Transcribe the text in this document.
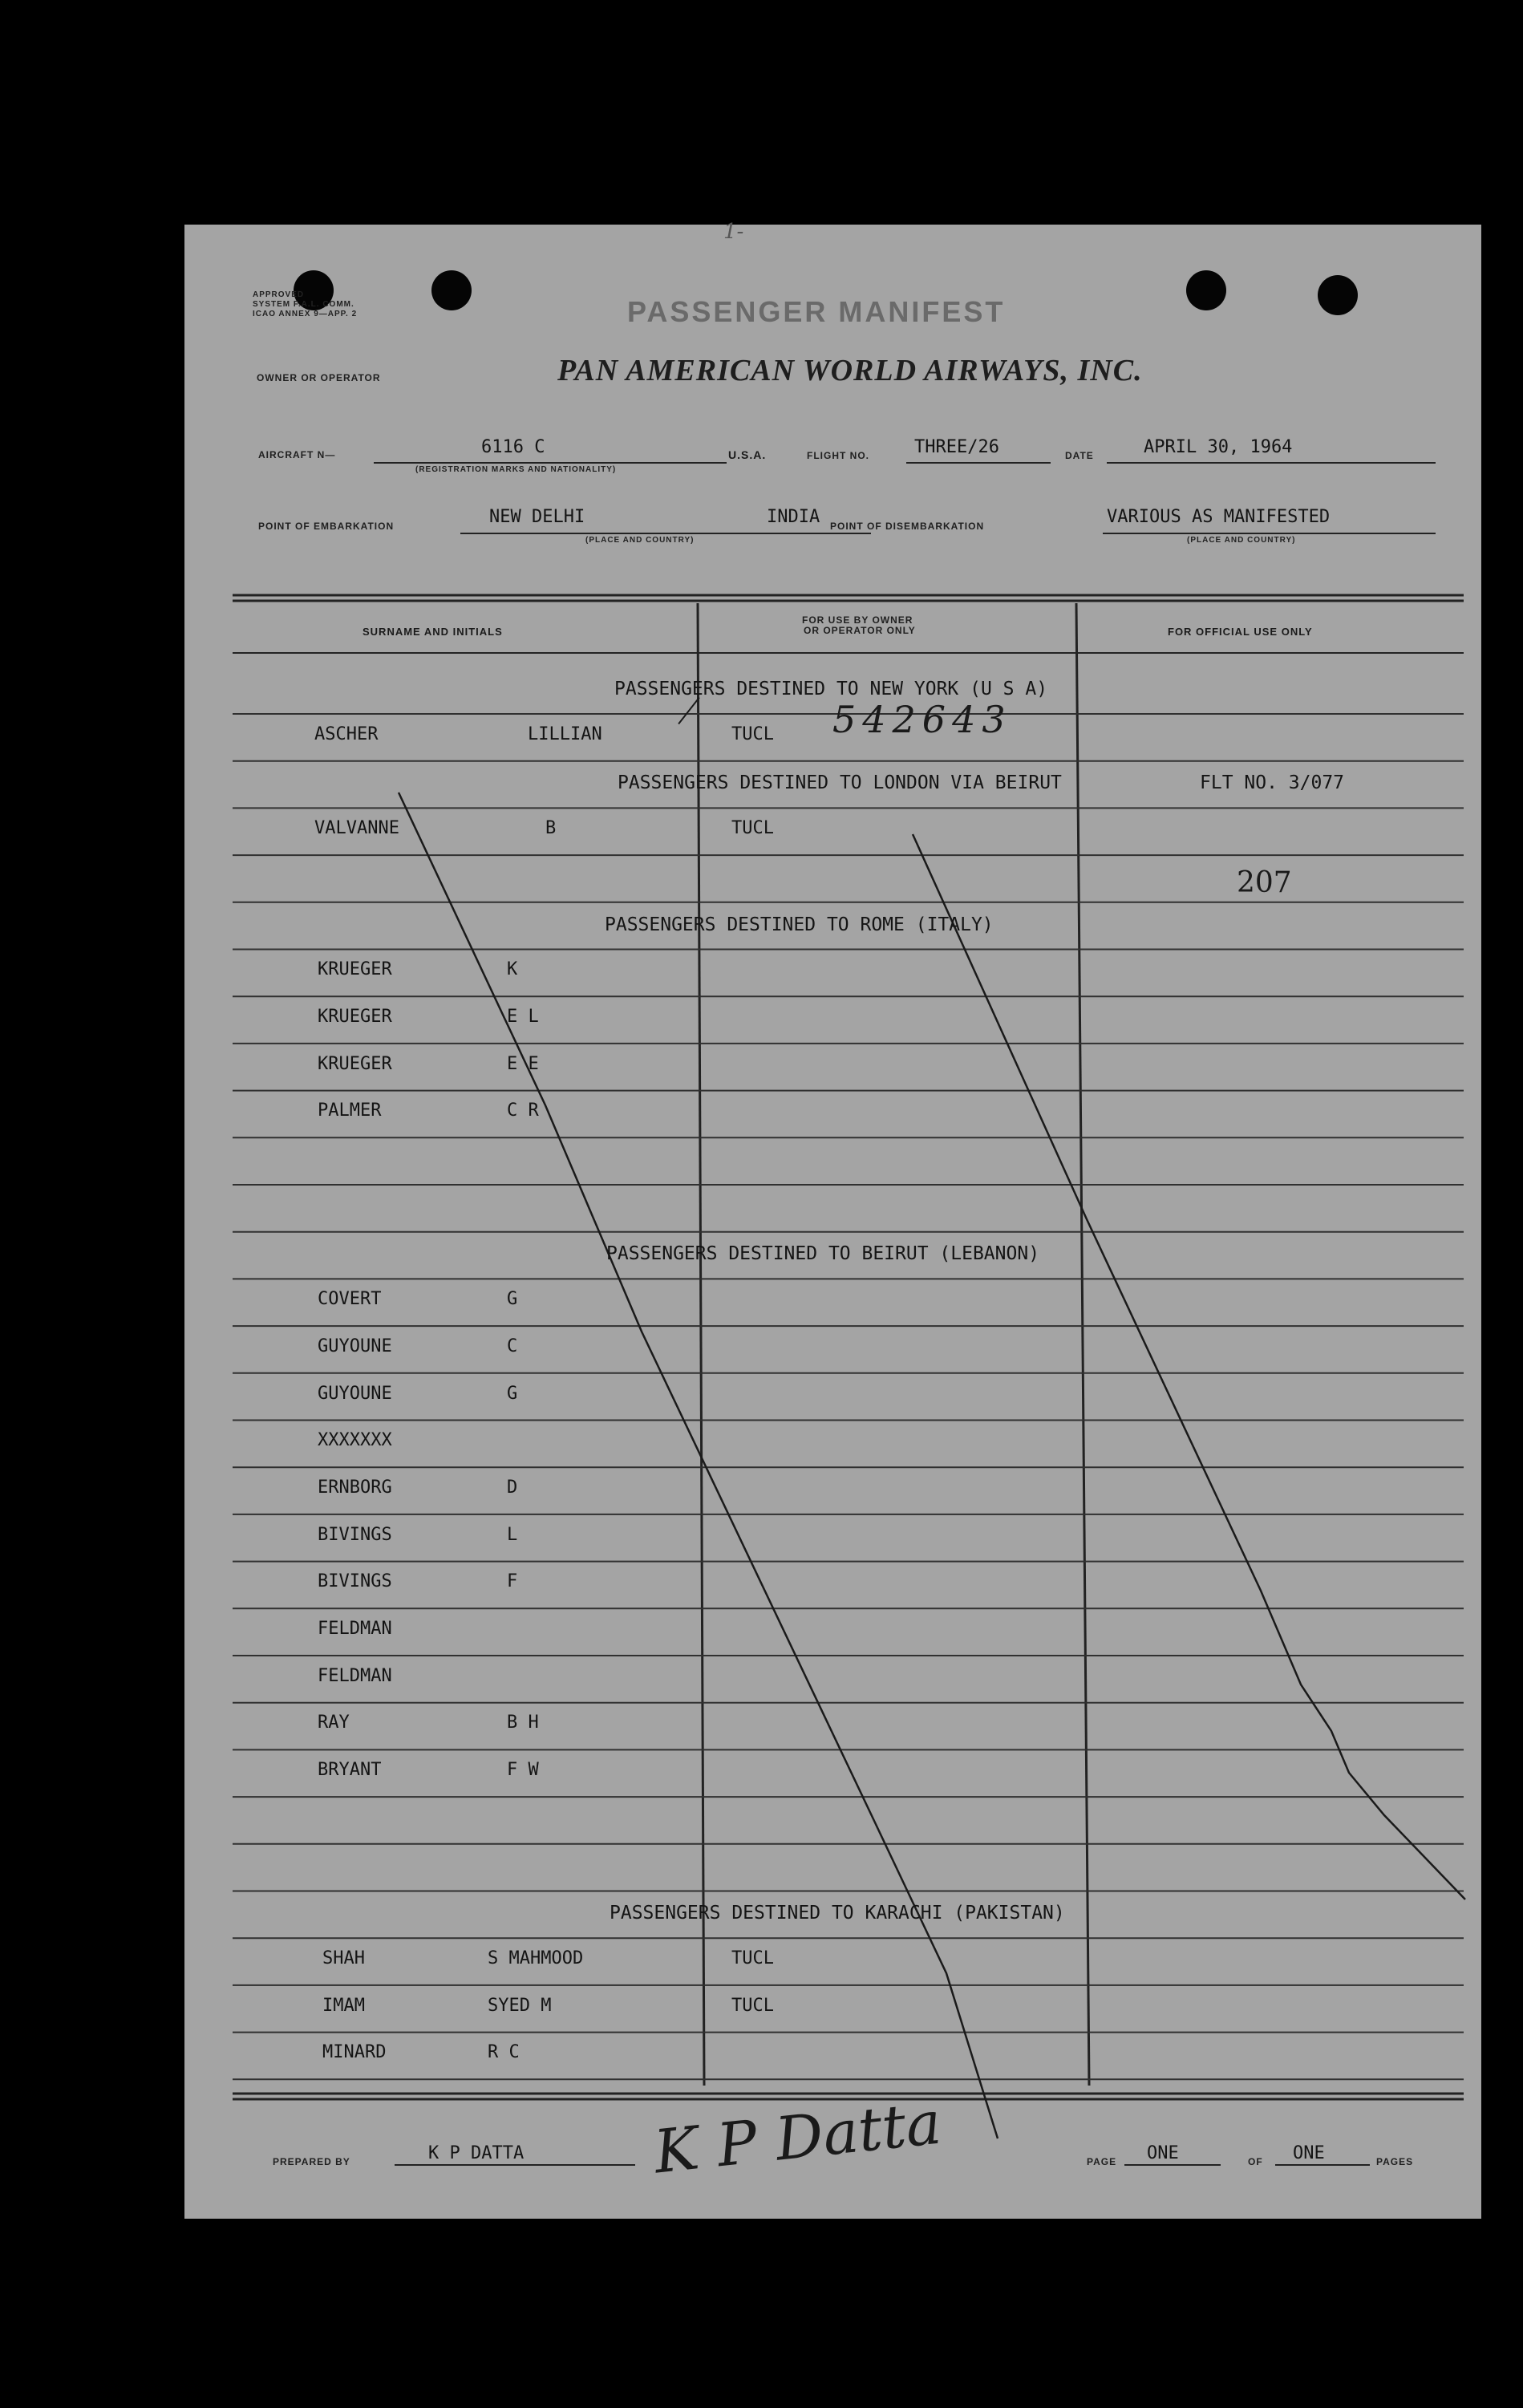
1-
APPROVED
SYSTEM F.A.L. COMM.
ICAO ANNEX 9—APP. 2	PASSENGER MANIFEST
OWNER OR OPERATOR	PAN AMERICAN WORLD AIRWAYS, INC.
AIRCRAFT N—	6116 C
(REGISTRATION MARKS AND NATIONALITY)
U.S.A.	FLIGHT NO.	THREE/26	DATE	APRIL 30, 1964
POINT OF EMBARKATION	NEW DELHI	INDIA
(PLACE AND COUNTRY)
POINT OF DISEMBARKATION	VARIOUS AS MANIFESTED
(PLACE AND COUNTRY)
SURNAME AND INITIALS
FOR USE BY OWNER
OR OPERATOR ONLY	FOR OFFICIAL USE ONLY
PASSENGERS DESTINED TO NEW YORK (U S A)
ASCHER	LILLIAN	TUCL
PASSENGERS DESTINED TO LONDON VIA BEIRUT	FLT NO. 3/077
VALVANNE	B	TUCL
PASSENGERS DESTINED TO ROME (ITALY)
KRUEGER	K
KRUEGER	E L
KRUEGER	E E
PALMER	C R
PASSENGERS DESTINED TO BEIRUT (LEBANON)
COVERT	G
GUYOUNE	C
GUYOUNE	G
XXXXXXX
ERNBORG	D
BIVINGS	L
BIVINGS	F
FELDMAN
FELDMAN
RAY	B H
BRYANT	F W
PASSENGERS DESTINED TO KARACHI (PAKISTAN)
SHAH	S MAHMOOD	TUCL
IMAM	SYED M	TUCL
MINARD	R C
542643
207
PREPARED BY	K P DATTA K P Datta	PAGE ONE	OF ONE	PAGES
